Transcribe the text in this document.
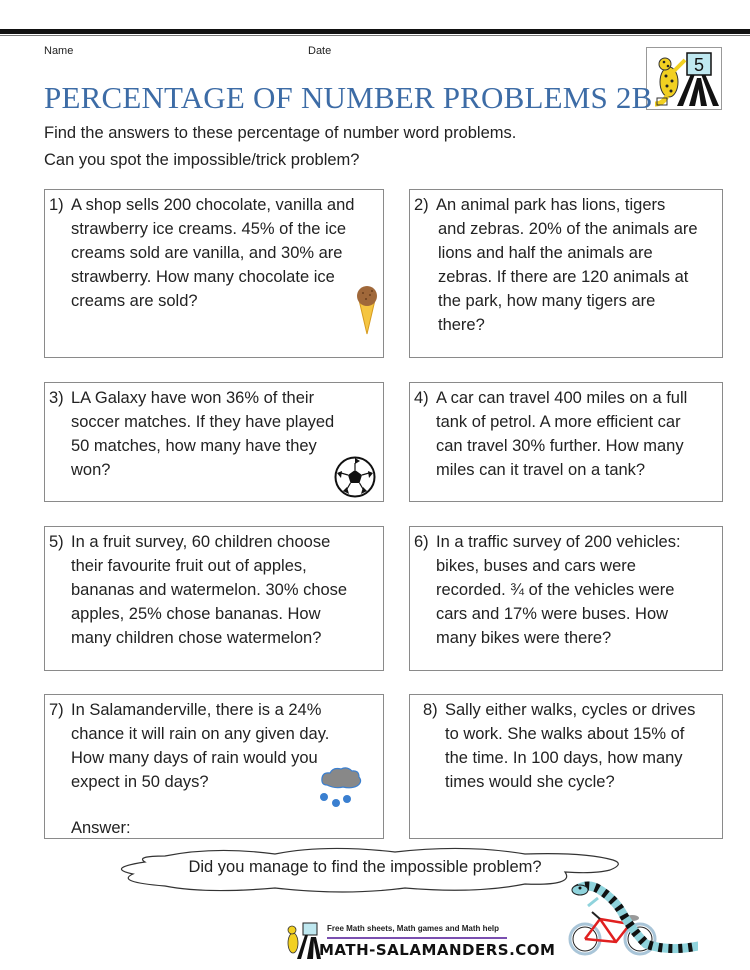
Name	Date
5
PERCENTAGE OF NUMBER PROBLEMS 2B
Find the answers to these percentage of number word problems.
Can you spot the impossible/trick problem?
1) A shop sells 200 chocolate, vanilla and
strawberry ice creams. 45% of the ice
creams sold are vanilla, and 30% are
strawberry. How many chocolate ice
creams are sold?
2) An animal park has lions, tigers
and zebras. 20% of the animals are
lions and half the animals are
zebras. If there are 120 animals at
the park, how many tigers are
there?
3) LA Galaxy have won 36% of their
soccer matches. If they have played
50 matches, how many have they
won?
4) A car can travel 400 miles on a full
tank of petrol. A more efficient car
can travel 30% further. How many
miles can it travel on a tank?
5) In a fruit survey, 60 children choose
their favourite fruit out of apples,
bananas and watermelon. 30% chose
apples, 25% chose bananas. How
many children chose watermelon?
6) In a traffic survey of 200 vehicles:
bikes, buses and cars were
recorded. ¾ of the vehicles were
cars and 17% were buses. How
many bikes were there?
7) In Salamanderville, there is a 24%
chance it will rain on any given day.
How many days of rain would you
expect in 50 days?
Answer:
8) Sally either walks, cycles or drives
to work. She walks about 15% of
the time. In 100 days, how many
times would she cycle?
Did you manage to find the impossible problem?
Free Math sheets, Math games and Math help
MATH-SALAMANDERS.COM
